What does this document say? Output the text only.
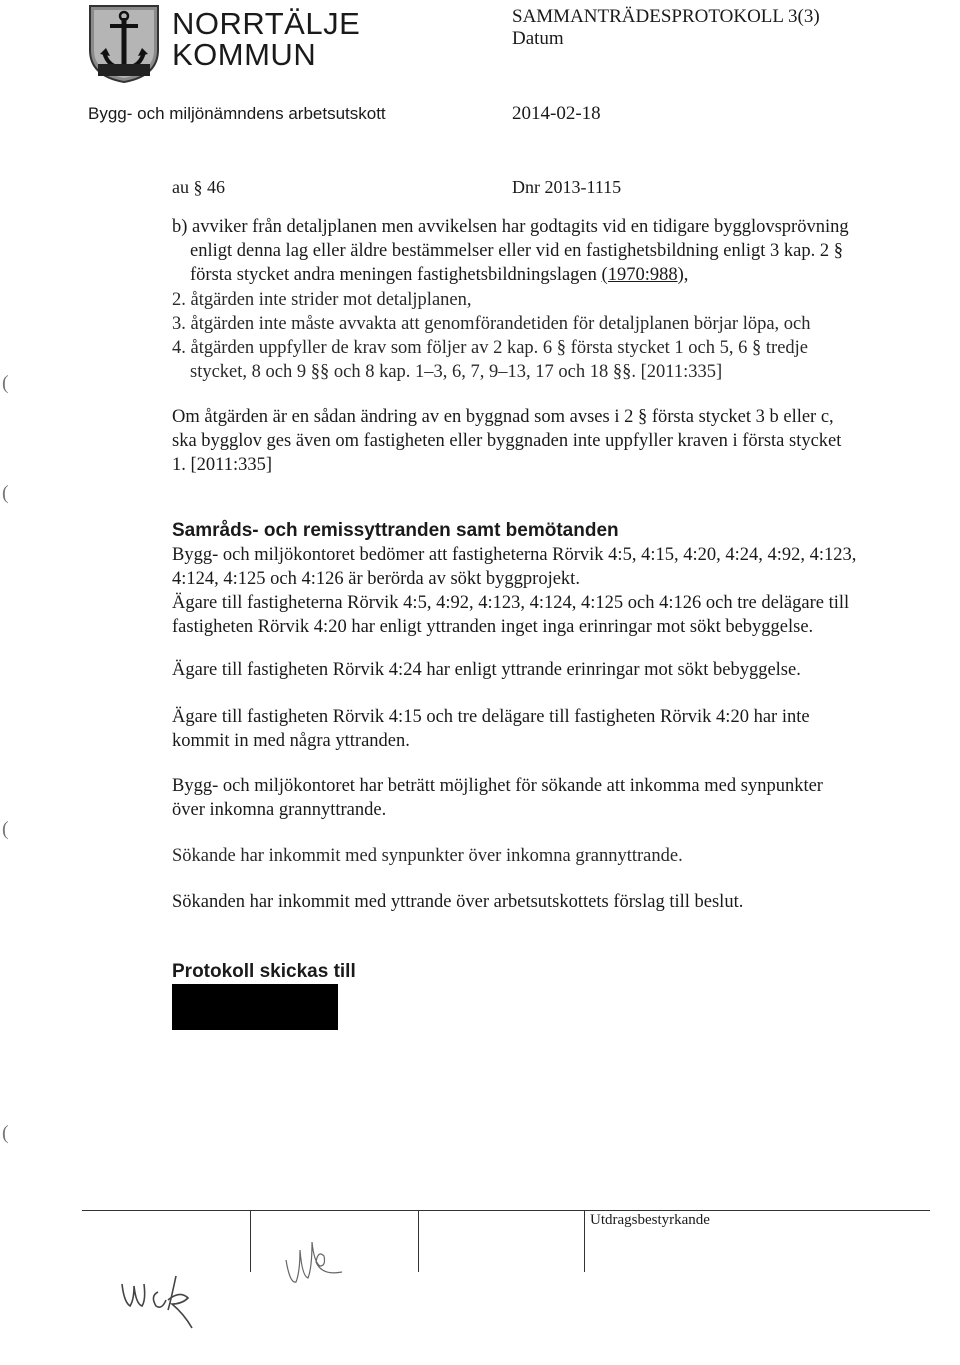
NORRTÄLJE
KOMMUN
SAMMANTRÄDESPROTOKOLL 3(3)
Datum
Bygg- och miljönämndens arbetsutskott	2014-02-18
au § 46	Dnr 2013-1115
b) avviker från detaljplanen men avvikelsen har godtagits vid en tidigare bygglovsprövning
enligt denna lag eller äldre bestämmelser eller vid en fastighetsbildning enligt 3 kap. 2 §
första stycket andra meningen fastighetsbildningslagen (1970:988),
2. åtgärden inte strider mot detaljplanen,
3. åtgärden inte måste avvakta att genomförandetiden för detaljplanen börjar löpa, och
4. åtgärden uppfyller de krav som följer av 2 kap. 6 § första stycket 1 och 5, 6 § tredje
stycket, 8 och 9 §§ och 8 kap. 1–3, 6, 7, 9–13, 17 och 18 §§. [2011:335]
Om åtgärden är en sådan ändring av en byggnad som avses i 2 § första stycket 3 b eller c,
ska bygglov ges även om fastigheten eller byggnaden inte uppfyller kraven i första stycket
1. [2011:335]
Samråds- och remissyttranden samt bemötanden
Bygg- och miljökontoret bedömer att fastigheterna Rörvik 4:5, 4:15, 4:20, 4:24, 4:92, 4:123,
4:124, 4:125 och 4:126 är berörda av sökt byggprojekt.
Ägare till fastigheterna Rörvik 4:5, 4:92, 4:123, 4:124, 4:125 och 4:126 och tre delägare till
fastigheten Rörvik 4:20 har enligt yttranden inget inga erinringar mot sökt bebyggelse.
Ägare till fastigheten Rörvik 4:24 har enligt yttrande erinringar mot sökt bebyggelse.
Ägare till fastigheten Rörvik 4:15 och tre delägare till fastigheten Rörvik 4:20 har inte
kommit in med några yttranden.
Bygg- och miljökontoret har beträtt möjlighet för sökande att inkomma med synpunkter
över inkomna grannyttrande.
Sökande har inkommit med synpunkter över inkomna grannyttrande.
Sökanden har inkommit med yttrande över arbetsutskottets förslag till beslut.
Protokoll skickas till
(
(
(
(
Utdragsbestyrkande
